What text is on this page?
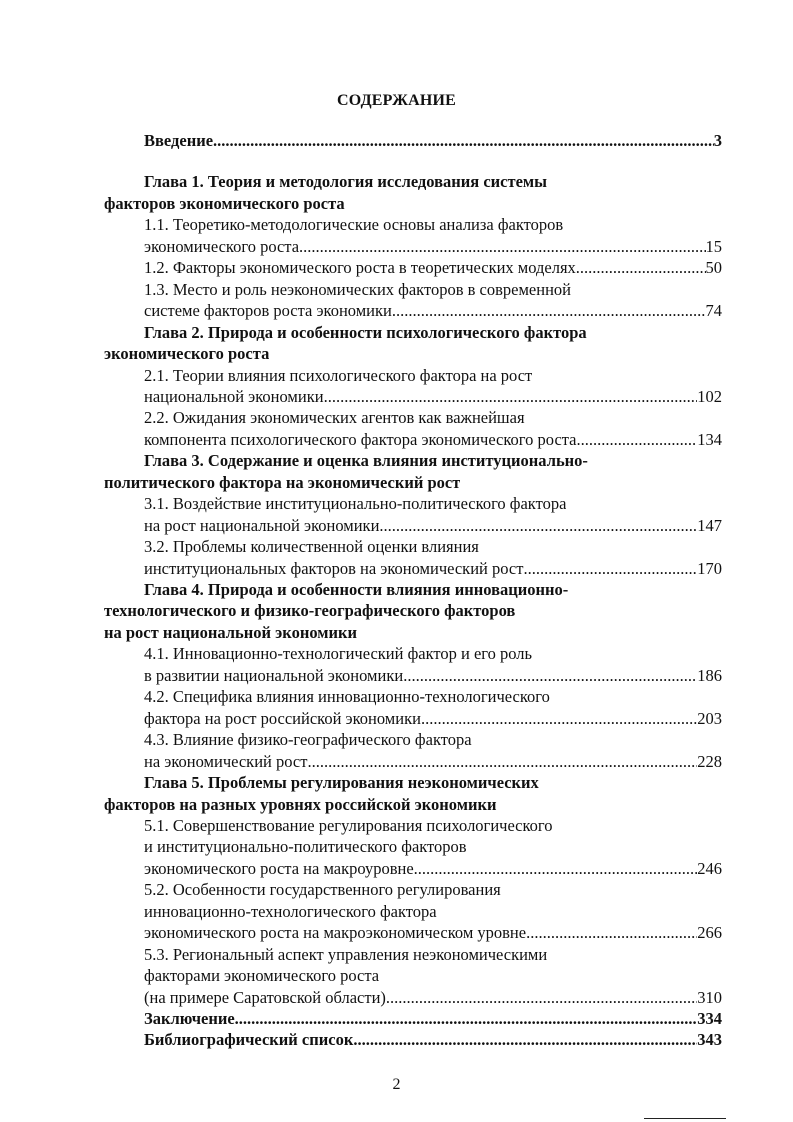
СОДЕРЖАНИЕ
Введение .....	3
Глава 1. Теория и методология исследования системы
факторов экономического роста
1.1. Теоретико-методологические основы анализа факторов
экономического роста .....	15
1.2. Факторы экономического роста в теоретических моделях .....	50
1.3. Место и роль неэкономических факторов в современной
системе факторов роста экономики .....	74
Глава 2. Природа и особенности психологического фактора
экономического роста
2.1. Теории влияния психологического фактора на рост
национальной экономики .....	102
2.2. Ожидания экономических агентов как важнейшая
компонента психологического фактора экономического роста .....	134
Глава 3. Содержание и оценка влияния институционально-
политического фактора на экономический рост
3.1. Воздействие институционально-политического фактора
на рост национальной экономики .....	147
3.2. Проблемы количественной оценки влияния
институциональных факторов на экономический рост .....	170
Глава 4. Природа и особенности влияния инновационно-
технологического и физико-географического факторов
на рост национальной экономики
4.1. Инновационно-технологический фактор и его роль
в развитии национальной экономики .....	186
4.2. Специфика влияния инновационно-технологического
фактора на рост российской экономики .....	203
4.3. Влияние физико-географического фактора
на экономический рост .....	228
Глава 5. Проблемы регулирования неэкономических
факторов на разных уровнях российской экономики
5.1. Совершенствование регулирования психологического
и институционально-политического факторов
экономического роста на макроуровне .....	246
5.2. Особенности государственного регулирования
инновационно-технологического фактора
экономического роста на макроэкономическом уровне .....	266
5.3. Региональный аспект управления неэкономическими
факторами экономического роста
(на примере Саратовской области) .....	310
Заключение .....	334
Библиографический список .....	343
2
